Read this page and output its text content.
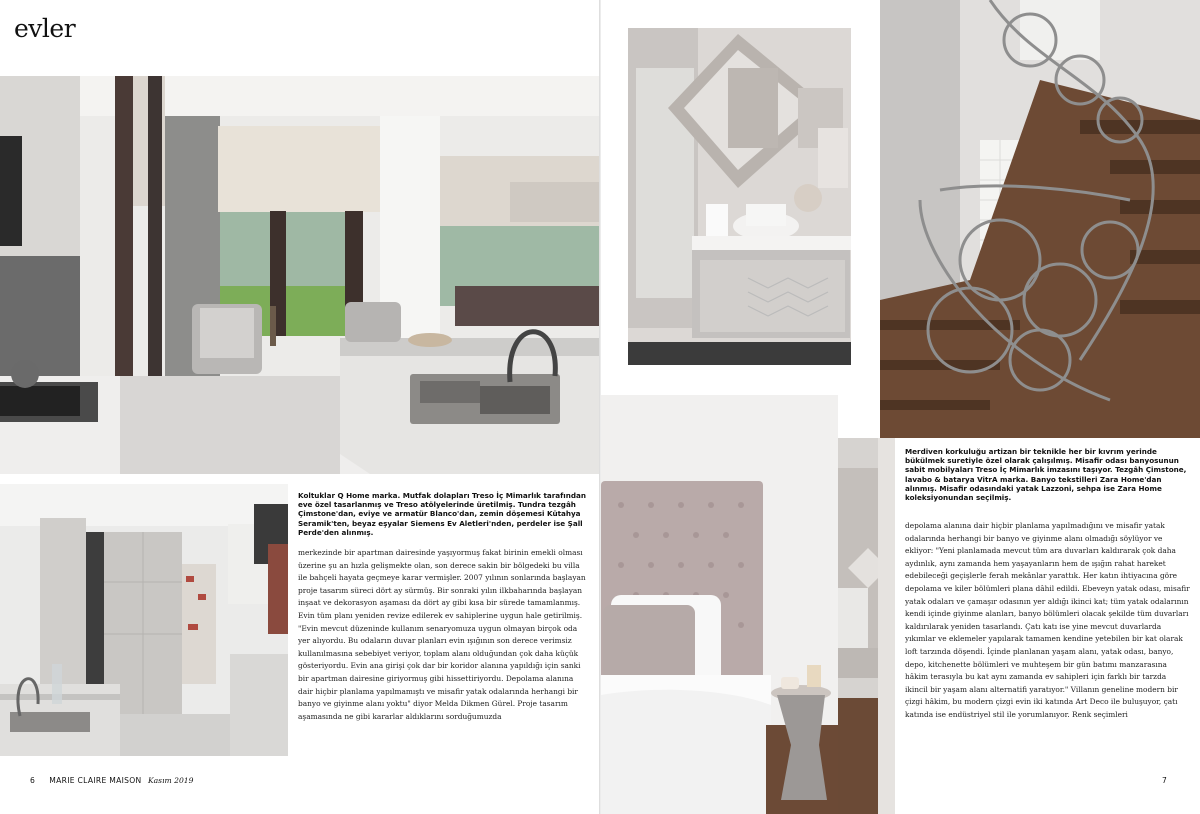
evler
Koltuklar Q Home marka. Mutfak dolapları Treso İç Mimarlık tarafından eve özel tasarlanmış ve Treso atölyelerinde üretilmiş. Tundra tezgâh Çimstone'dan, eviye ve armatür Blanco'dan, zemin döşemesi Kütahya Seramik'ten, beyaz eşyalar Siemens Ev Aletleri'nden, perdeler ise Şall Perde'den alınmış.
merkezinde bir apartman dairesinde yaşıyormuş fakat birinin emekli olması üzerine şu an hızla gelişmekte olan, son derece sakin bir bölgedeki bu villa ile bahçeli hayata geçmeye karar vermişler. 2007 yılının sonlarında başlayan proje tasarım süreci dört ay sürmüş. Bir sonraki yılın ilkbaharında başlayan inşaat ve dekorasyon aşaması da dört ay gibi kısa bir sürede tamamlanmış. Evin tüm planı yeniden revize edilerek ev sahiplerine uygun hale getirilmiş. "Evin mevcut düzeninde kullanım senaryomuza uygun olmayan birçok oda yer alıyordu. Bu odaların duvar planları evin ışığının son derece verimsiz kullanılmasına sebebiyet veriyor, toplam alanı olduğundan çok daha küçük gösteriyordu. Evin ana girişi çok dar bir koridor alanına yapıldığı için sanki bir apartman dairesine giriyormuş gibi hissettiriyordu. Depolama alanına dair hiçbir planlama yapılmamıştı ve misafir yatak odalarında herhangi bir banyo ve giyinme alanı yoktu" diyor Melda Dikmen Gürel. Proje tasarım aşamasında ne gibi kararlar aldıklarını sorduğumuzda
Merdiven korkuluğu artizan bir teknikle her bir kıvrım yerinde bükülmek suretiyle özel olarak çalışılmış. Misafir odası banyosunun sabit mobilyaları Treso İç Mimarlık imzasını taşıyor. Tezgâh Çimstone, lavabo & batarya VitrA marka. Banyo tekstilleri Zara Home'dan alınmış. Misafir odasındaki yatak Lazzoni, sehpa ise Zara Home koleksiyonundan seçilmiş.
depolama alanına dair hiçbir planlama yapılmadığını ve misafir yatak odalarında herhangi bir banyo ve giyinme alanı olmadığı söylüyor ve ekliyor: "Yeni planlamada mevcut tüm ara duvarları kaldırarak çok daha aydınlık, aynı zamanda hem yaşayanların hem de ışığın rahat hareket edebileceği geçişlerle ferah mekânlar yarattık. Her katın ihtiyacına göre depolama ve kiler bölümleri plana dâhil edildi. Ebeveyn yatak odası, misafir yatak odaları ve çamaşır odasının yer aldığı ikinci kat; tüm yatak odalarının kendi içinde giyinme alanları, banyo bölümleri olacak şekilde tüm duvarları kaldırılarak yeniden tasarlandı. Çatı katı ise yine mevcut duvarlarda yıkımlar ve eklemeler yapılarak tamamen kendine yetebilen bir kat olarak loft tarzında döşendi. İçinde planlanan yaşam alanı, yatak odası, banyo, depo, kitchenette bölümleri ve muhteşem bir gün batımı manzarasına hâkim terasıyla bu kat aynı zamanda ev sahipleri için farklı bir tarzda ikincil bir yaşam alanı alternatifi yaratıyor." Villanın geneline modern bir çizgi hâkim, bu modern çizgi evin iki katında Art Deco ile buluşuyor, çatı katında ise endüstriyel stil ile yorumlanıyor. Renk seçimleri
6 MARIE CLAIRE MAISON Kasım 2019	7
